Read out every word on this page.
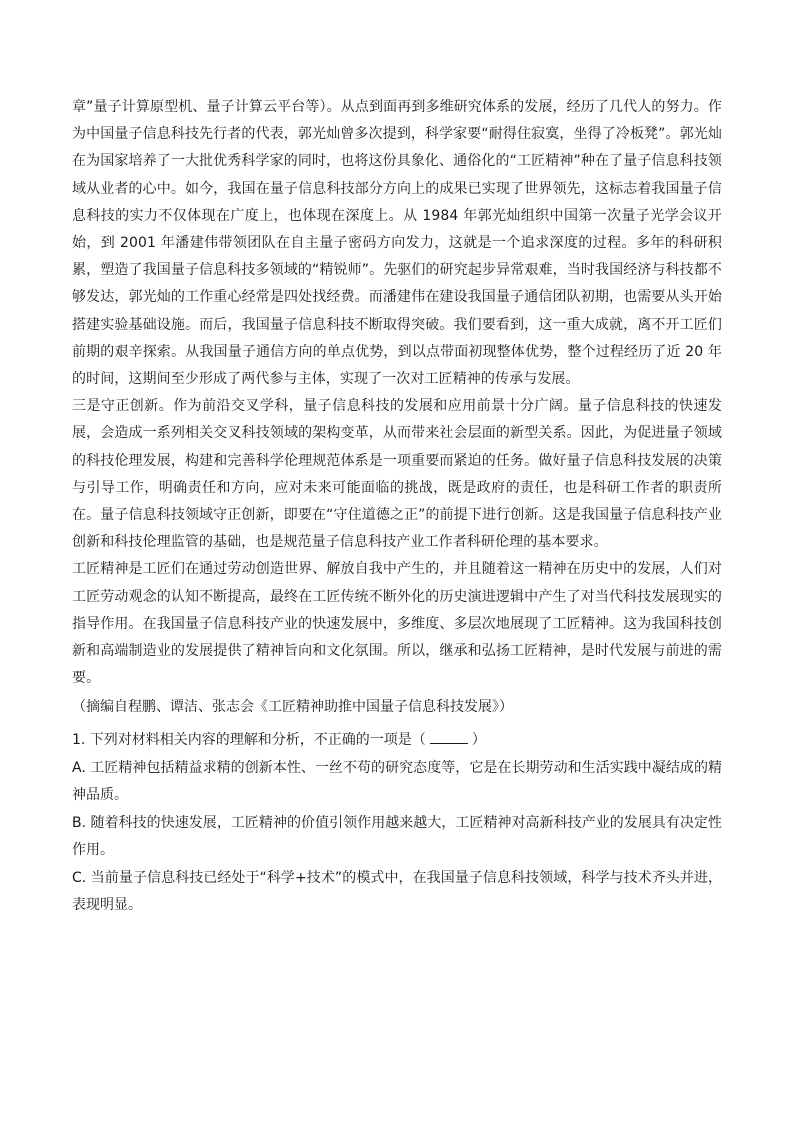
章”量子计算原型机、量子计算云平台等）。从点到面再到多维研究体系的发展，经历了几代人的努力。作为中国量子信息科技先行者的代表，郭光灿曾多次提到，科学家要“耐得住寂寞，坐得了冷板凳”。郭光灿在为国家培养了一大批优秀科学家的同时，也将这份具象化、通俗化的“工匠精神”种在了量子信息科技领域从业者的心中。如今，我国在量子信息科技部分方向上的成果已实现了世界领先，这标志着我国量子信息科技的实力不仅体现在广度上，也体现在深度上。从 1984 年郭光灿组织中国第一次量子光学会议开始，到 2001 年潘建伟带领团队在自主量子密码方向发力，这就是一个追求深度的过程。多年的科研积累，塑造了我国量子信息科技多领域的“精锐师”。先驱们的研究起步异常艰难，当时我国经济与科技都不够发达，郭光灿的工作重心经常是四处找经费。而潘建伟在建设我国量子通信团队初期，也需要从头开始搭建实验基础设施。而后，我国量子信息科技不断取得突破。我们要看到，这一重大成就，离不开工匠们前期的艰辛探索。从我国量子通信方向的单点优势，到以点带面初现整体优势，整个过程经历了近 20 年的时间，这期间至少形成了两代参与主体，实现了一次对工匠精神的传承与发展。

三是守正创新。作为前沿交叉学科，量子信息科技的发展和应用前景十分广阔。量子信息科技的快速发展，会造成一系列相关交叉科技领域的架构变革，从而带来社会层面的新型关系。因此，为促进量子领域的科技伦理发展，构建和完善科学伦理规范体系是一项重要而紧迫的任务。做好量子信息科技发展的决策与引导工作，明确责任和方向，应对未来可能面临的挑战，既是政府的责任，也是科研工作者的职责所在。量子信息科技领域守正创新，即要在“守住道德之正”的前提下进行创新。这是我国量子信息科技产业创新和科技伦理监管的基础，也是规范量子信息科技产业工作者科研伦理的基本要求。

工匠精神是工匠们在通过劳动创造世界、解放自我中产生的，并且随着这一精神在历史中的发展，人们对工匠劳动观念的认知不断提高，最终在工匠传统不断外化的历史演进逻辑中产生了对当代科技发展现实的指导作用。在我国量子信息科技产业的快速发展中，多维度、多层次地展现了工匠精神。这为我国科技创新和高端制造业的发展提供了精神旨向和文化氛围。所以，继承和弘扬工匠精神，是时代发展与前进的需要。

（摘编自程鹏、谭洁、张志会《工匠精神助推中国量子信息科技发展》）

1. 下列对材料相关内容的理解和分析，不正确的一项是（	）

A. 工匠精神包括精益求精的创新本性、一丝不苟的研究态度等，它是在长期劳动和生活实践中凝结成的精神品质。

B. 随着科技的快速发展，工匠精神的价值引领作用越来越大，工匠精神对高新科技产业的发展具有决定性作用。

C. 当前量子信息科技已经处于“科学+技术”的模式中，在我国量子信息科技领域，科学与技术齐头并进，表现明显。
